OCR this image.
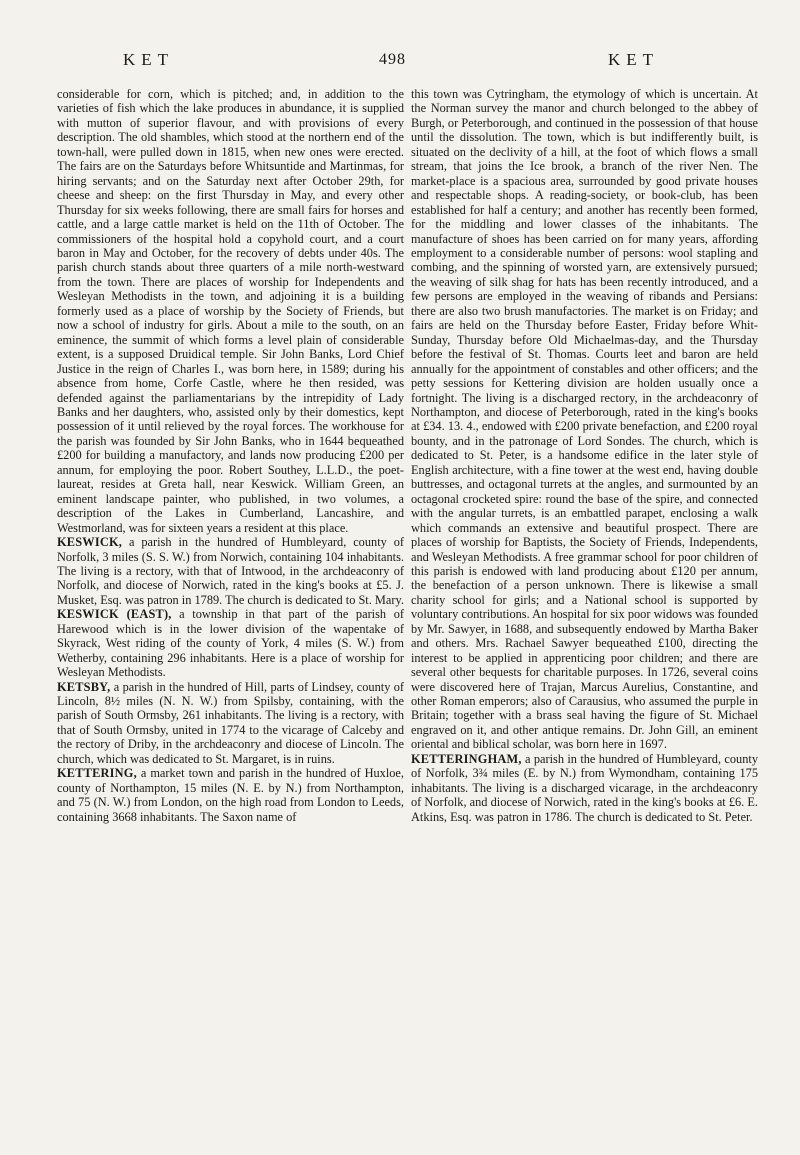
KET	498	KET

considerable for corn, which is pitched; and, in addition to the varieties of fish which the lake produces in abundance, it is supplied with mutton of superior flavour, and with provisions of every description. The old shambles, which stood at the northern end of the town-hall, were pulled down in 1815, when new ones were erected. The fairs are on the Saturdays before Whitsuntide and Martinmas, for hiring servants; and on the Saturday next after October 29th, for cheese and sheep: on the first Thursday in May, and every other Thursday for six weeks following, there are small fairs for horses and cattle, and a large cattle market is held on the 11th of October. The commissioners of the hospital hold a copyhold court, and a court baron in May and October, for the recovery of debts under 40s. The parish church stands about three quarters of a mile north-westward from the town. There are places of worship for Independents and Wesleyan Methodists in the town, and adjoining it is a building formerly used as a place of worship by the Society of Friends, but now a school of industry for girls. About a mile to the south, on an eminence, the summit of which forms a level plain of considerable extent, is a supposed Druidical temple. Sir John Banks, Lord Chief Justice in the reign of Charles I., was born here, in 1589; during his absence from home, Corfe Castle, where he then resided, was defended against the parliamentarians by the intrepidity of Lady Banks and her daughters, who, assisted only by their domestics, kept possession of it until relieved by the royal forces. The workhouse for the parish was founded by Sir John Banks, who in 1644 bequeathed £200 for building a manufactory, and lands now producing £200 per annum, for employing the poor. Robert Southey, L.L.D., the poet-laureat, resides at Greta hall, near Keswick. William Green, an eminent landscape painter, who published, in two volumes, a description of the Lakes in Cumberland, Lancashire, and Westmorland, was for sixteen years a resident at this place.

KESWICK, a parish in the hundred of Humbleyard, county of Norfolk, 3 miles (S. S. W.) from Norwich, containing 104 inhabitants. The living is a rectory, with that of Intwood, in the archdeaconry of Norfolk, and diocese of Norwich, rated in the king's books at £5. J. Musket, Esq. was patron in 1789. The church is dedicated to St. Mary.

KESWICK (EAST), a township in that part of the parish of Harewood which is in the lower division of the wapentake of Skyrack, West riding of the county of York, 4 miles (S. W.) from Wetherby, containing 296 inhabitants. Here is a place of worship for Wesleyan Methodists.

KETSBY, a parish in the hundred of Hill, parts of Lindsey, county of Lincoln, 8½ miles (N. N. W.) from Spilsby, containing, with the parish of South Ormsby, 261 inhabitants. The living is a rectory, with that of South Ormsby, united in 1774 to the vicarage of Calceby and the rectory of Driby, in the archdeaconry and diocese of Lincoln. The church, which was dedicated to St. Margaret, is in ruins.

KETTERING, a market town and parish in the hundred of Huxloe, county of Northampton, 15 miles (N. E. by N.) from Northampton, and 75 (N. W.) from London, on the high road from London to Leeds, containing 3668 inhabitants. The Saxon name of

this town was Cytringham, the etymology of which is uncertain. At the Norman survey the manor and church belonged to the abbey of Burgh, or Peterborough, and continued in the possession of that house until the dissolution. The town, which is but indifferently built, is situated on the declivity of a hill, at the foot of which flows a small stream, that joins the Ice brook, a branch of the river Nen. The market-place is a spacious area, surrounded by good private houses and respectable shops. A reading-society, or book-club, has been established for half a century; and another has recently been formed, for the middling and lower classes of the inhabitants. The manufacture of shoes has been carried on for many years, affording employment to a considerable number of persons: wool stapling and combing, and the spinning of worsted yarn, are extensively pursued; the weaving of silk shag for hats has been recently introduced, and a few persons are employed in the weaving of ribands and Persians: there are also two brush manufactories. The market is on Friday; and fairs are held on the Thursday before Easter, Friday before Whit-Sunday, Thursday before Old Michaelmas-day, and the Thursday before the festival of St. Thomas. Courts leet and baron are held annually for the appointment of constables and other officers; and the petty sessions for Kettering division are holden usually once a fortnight. The living is a discharged rectory, in the archdeaconry of Northampton, and diocese of Peterborough, rated in the king's books at £34. 13. 4., endowed with £200 private benefaction, and £200 royal bounty, and in the patronage of Lord Sondes. The church, which is dedicated to St. Peter, is a handsome edifice in the later style of English architecture, with a fine tower at the west end, having double buttresses, and octagonal turrets at the angles, and surmounted by an octagonal crocketed spire: round the base of the spire, and connected with the angular turrets, is an embattled parapet, enclosing a walk which commands an extensive and beautiful prospect. There are places of worship for Baptists, the Society of Friends, Independents, and Wesleyan Methodists. A free grammar school for poor children of this parish is endowed with land producing about £120 per annum, the benefaction of a person unknown. There is likewise a small charity school for girls; and a National school is supported by voluntary contributions. An hospital for six poor widows was founded by Mr. Sawyer, in 1688, and subsequently endowed by Martha Baker and others. Mrs. Rachael Sawyer bequeathed £100, directing the interest to be applied in apprenticing poor children; and there are several other bequests for charitable purposes. In 1726, several coins were discovered here of Trajan, Marcus Aurelius, Constantine, and other Roman emperors; also of Carausius, who assumed the purple in Britain; together with a brass seal having the figure of St. Michael engraved on it, and other antique remains. Dr. John Gill, an eminent oriental and biblical scholar, was born here in 1697.

KETTERINGHAM, a parish in the hundred of Humbleyard, county of Norfolk, 3¾ miles (E. by N.) from Wymondham, containing 175 inhabitants. The living is a discharged vicarage, in the archdeaconry of Norfolk, and diocese of Norwich, rated in the king's books at £6. E. Atkins, Esq. was patron in 1786. The church is dedicated to St. Peter.
